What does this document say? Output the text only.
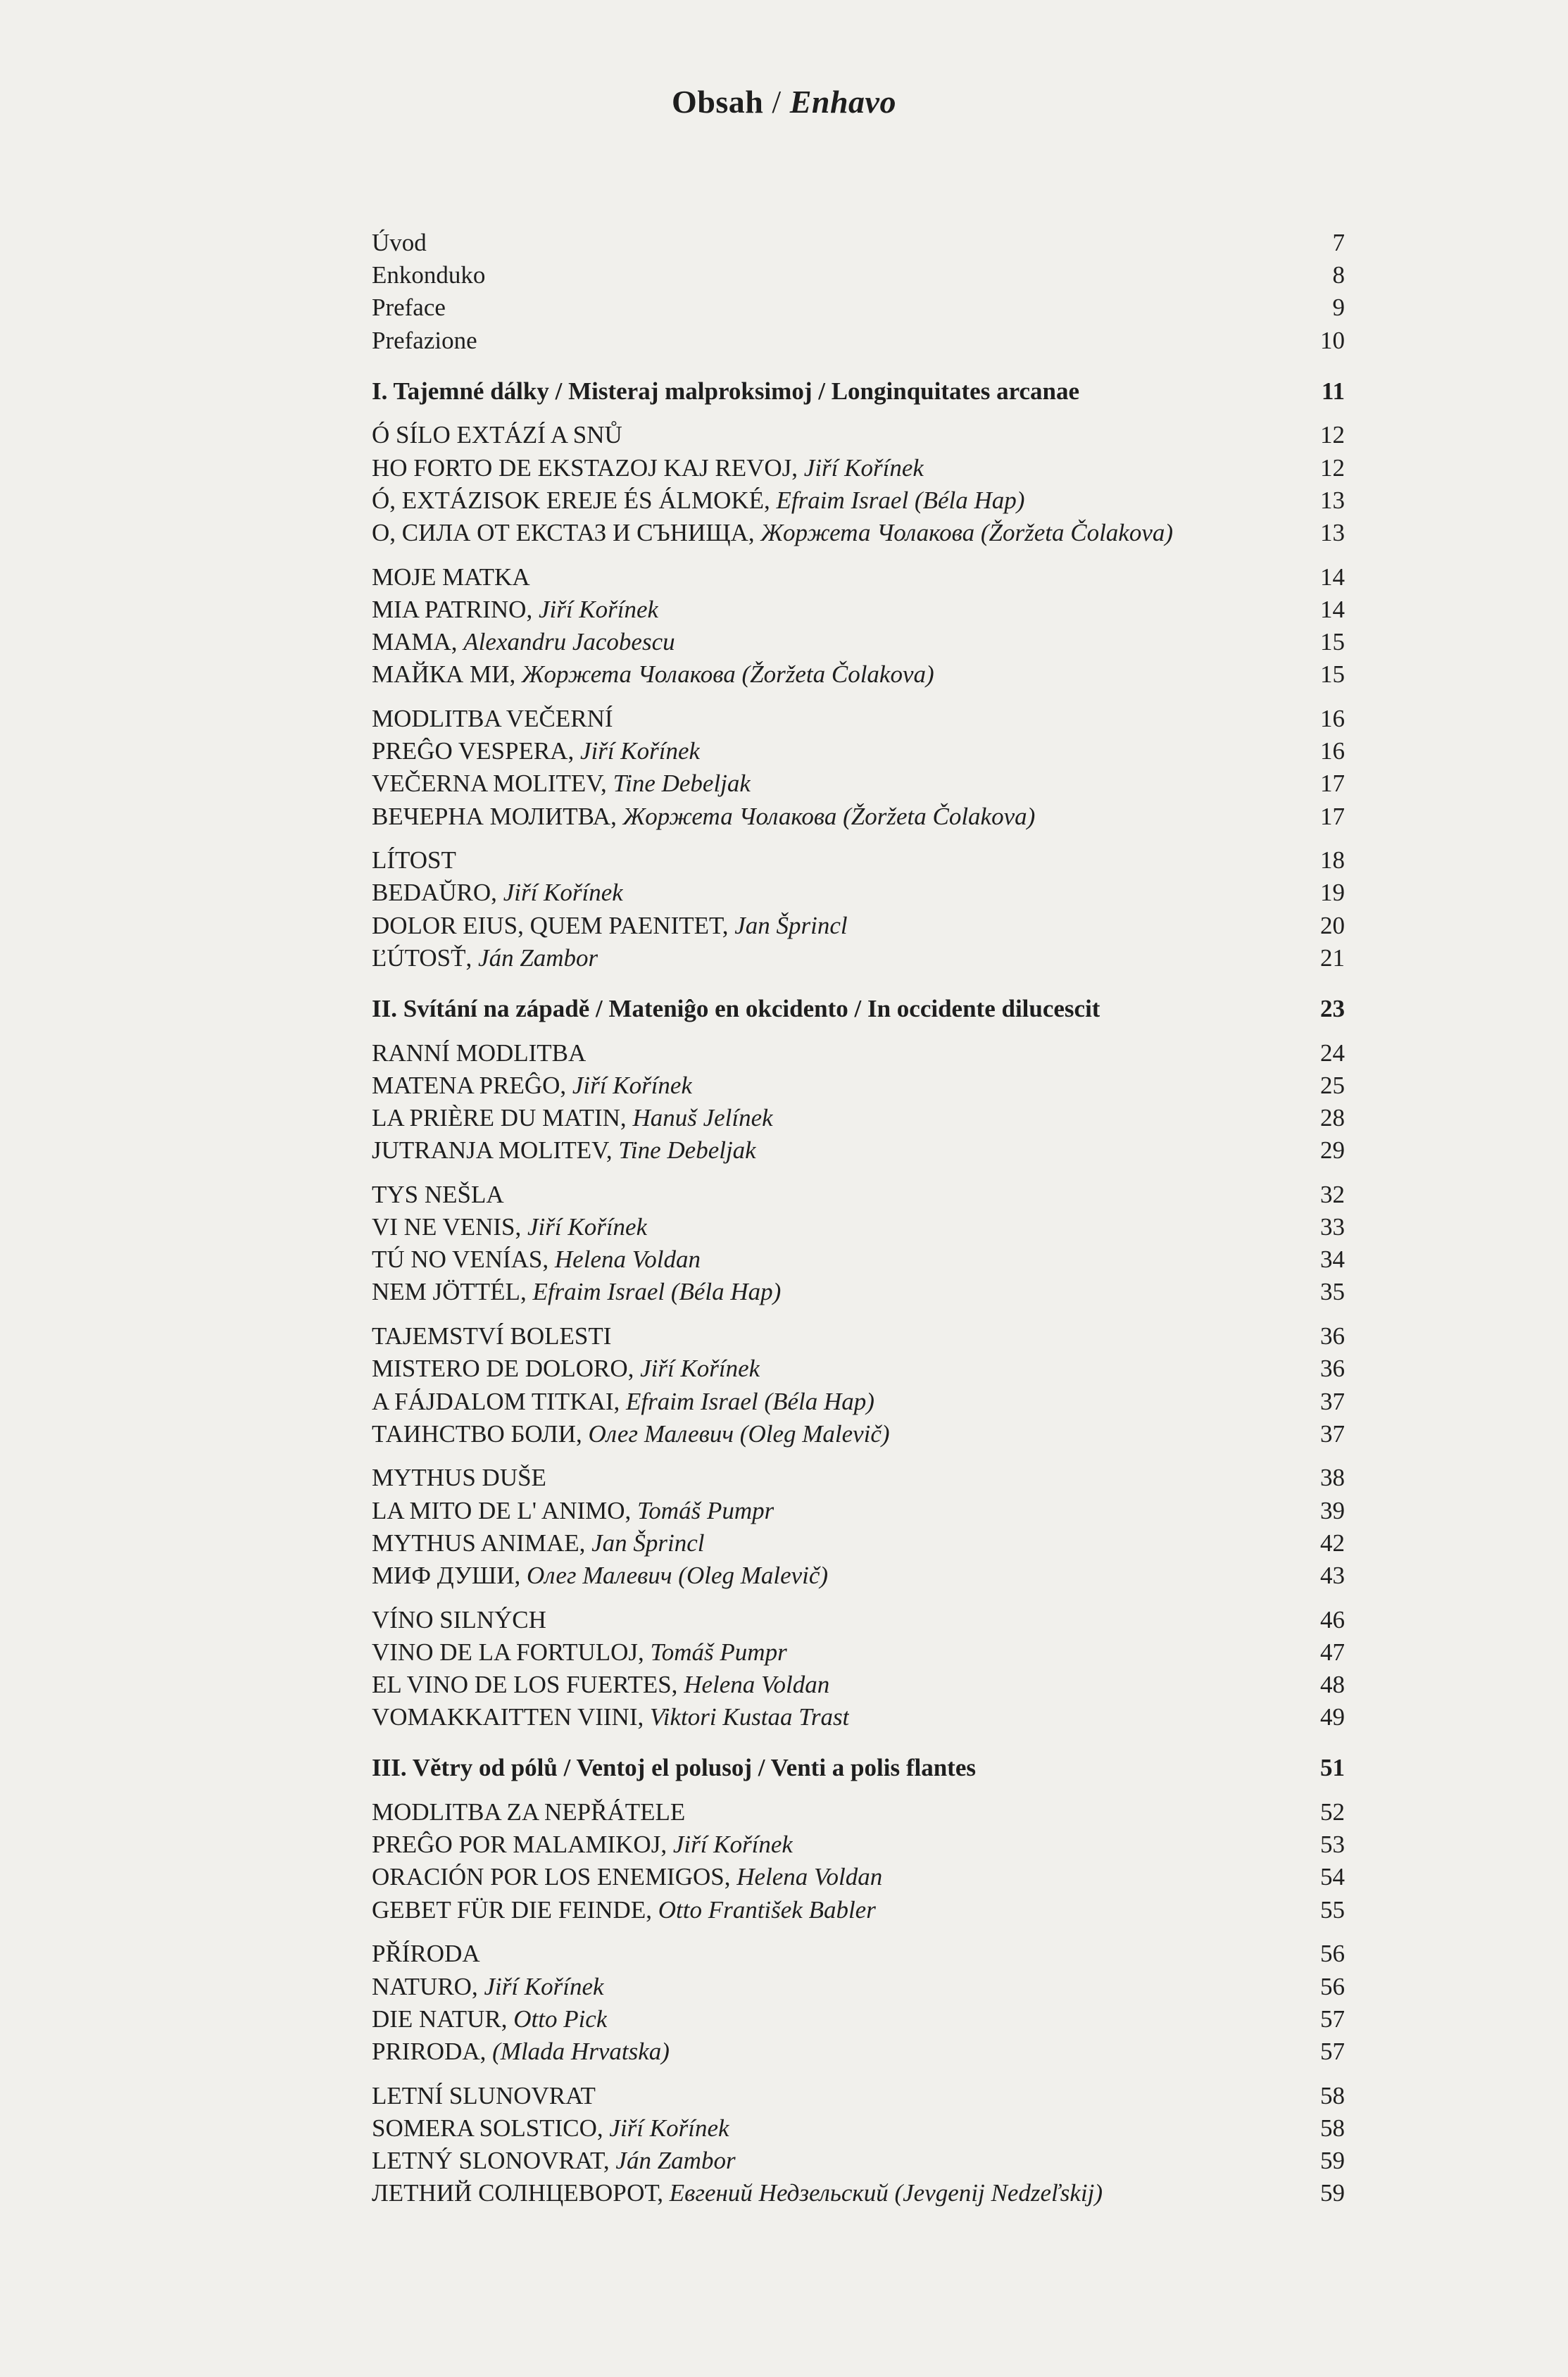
Obsah / Enhavo
Úvod	7
Enkonduko	8
Preface	9
Prefazione	10
I. Tajemné dálky / Misteraj malproksimoj / Longinquitates arcanae	11
Ó SÍLO EXTÁZÍ A SNŮ	12
HO FORTO DE EKSTAZOJ KAJ REVOJ, Jiří Kořínek	12
Ó, EXTÁZISOK EREJE ÉS ÁLMOKÉ, Efraim Israel (Béla Hap)	13
О, СИЛА ОТ ЕКСТАЗ И СЪНИЩА, Жоржета Чолакова (Žoržeta Čolakova)	13
MOJE MATKA	14
MIA PATRINO, Jiří Kořínek	14
MAMA, Alexandru Jacobescu	15
МАЙКА МИ, Жоржета Чолакова (Žoržeta Čolakova)	15
MODLITBA VEČERNÍ	16
PREĜO VESPERA, Jiří Kořínek	16
VEČERNA MOLITEV, Tine Debeljak	17
ВЕЧЕРНА МОЛИТВА, Жоржета Чолакова (Žoržeta Čolakova)	17
LÍTOST	18
BEDAŬRO, Jiří Kořínek	19
DOLOR EIUS, QUEM PAENITET, Jan Šprincl	20
ĽÚTOSŤ, Ján Zambor	21
II. Svítání na západě / Mateniĝo en okcidento / In occidente dilucescit	23
RANNÍ MODLITBA	24
MATENA PREĜO, Jiří Kořínek	25
LA PRIÈRE DU MATIN, Hanuš Jelínek	28
JUTRANJA MOLITEV, Tine Debeljak	29
TYS NEŠLA	32
VI NE VENIS, Jiří Kořínek	33
TÚ NO VENÍAS, Helena Voldan	34
NEM JÖTTÉL, Efraim Israel (Béla Hap)	35
TAJEMSTVÍ BOLESTI	36
MISTERO DE DOLORO, Jiří Kořínek	36
A FÁJDALOM TITKAI, Efraim Israel (Béla Hap)	37
ТАИНСТВО БОЛИ, Олег Малевич (Oleg Malevič)	37
MYTHUS DUŠE	38
LA MITO DE L' ANIMO, Tomáš Pumpr	39
MYTHUS ANIMAE, Jan Šprincl	42
МИФ ДУШИ, Олег Малевич (Oleg Malevič)	43
VÍNO SILNÝCH	46
VINO DE LA FORTULOJ, Tomáš Pumpr	47
EL VINO DE LOS FUERTES, Helena Voldan	48
VOMAKKAITTEN VIINI, Viktori Kustaa Trast	49
III. Větry od pólů / Ventoj el polusoj / Venti a polis flantes	51
MODLITBA ZA NEPŘÁTELE	52
PREĜO POR MALAMIKOJ, Jiří Kořínek	53
ORACIÓN POR LOS ENEMIGOS, Helena Voldan	54
GEBET FÜR DIE FEINDE, Otto František Babler	55
PŘÍRODA	56
NATURO, Jiří Kořínek	56
DIE NATUR, Otto Pick	57
PRIRODA, (Mlada Hrvatska)	57
LETNÍ SLUNOVRAT	58
SOMERA SOLSTICO, Jiří Kořínek	58
LETNÝ SLONOVRAT, Ján Zambor	59
ЛЕТНИЙ СОЛНЦЕВОРОТ, Евгений Недзельский (Jevgenij Nedzeľskij)	59
